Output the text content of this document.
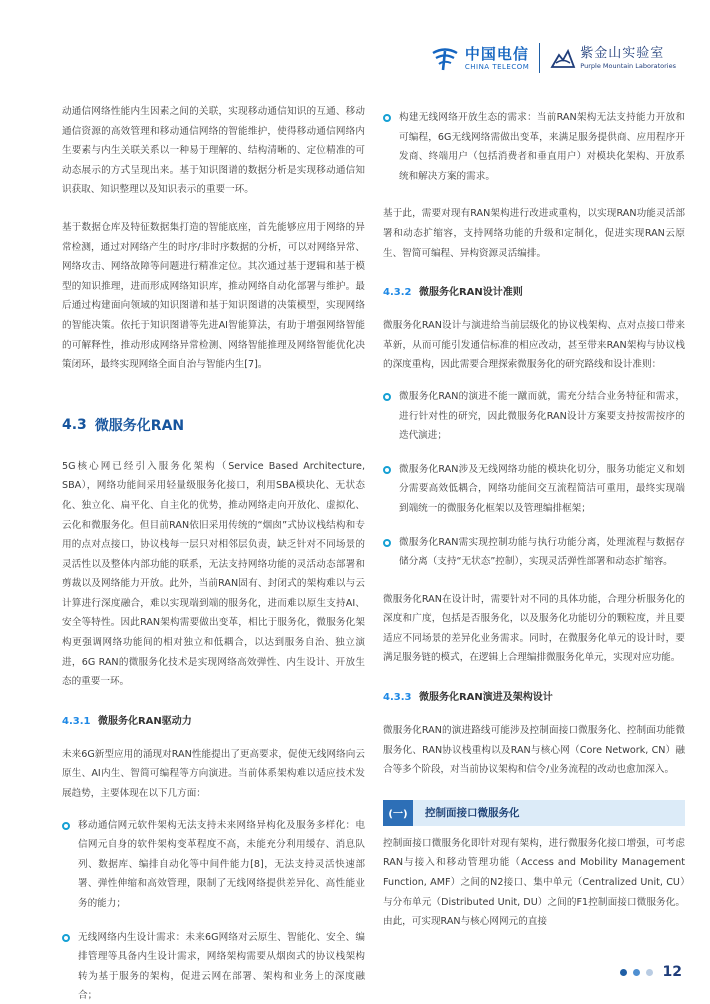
中国电信
CHINA TELECOM
紫金山实验室
Purple Mountain Laboratories

动通信网络性能内生因素之间的关联，实现移动通信知识的互通、移动通信资源的高效管理和移动通信网络的智能维护，使得移动通信网络内生要素与内生关联关系以一种易于理解的、结构清晰的、定位精准的可动态展示的方式呈现出来。基于知识图谱的数据分析是实现移动通信知识获取、知识整理以及知识表示的重要一环。

基于数据仓库及特征数据集打造的智能底座，首先能够应用于网络的异常检测，通过对网络产生的时序/非时序数据的分析，可以对网络异常、网络攻击、网络故障等问题进行精准定位。其次通过基于逻辑和基于模型的知识推理，进而形成网络知识库，推动网络自动化部署与维护。最后通过构建面向领域的知识图谱和基于知识图谱的决策模型，实现网络的智能决策。依托于知识图谱等先进AI智能算法，有助于增强网络智能的可解释性，推动形成网络异常检测、网络智能推理及网络智能优化决策闭环，最终实现网络全面自治与智能内生[7]。

4.3 微服务化RAN

5G核心网已经引入服务化架构（Service Based Architecture, SBA），网络功能间采用轻量级服务化接口，利用SBA模块化、无状态化、独立化、扁平化、自主化的优势，推动网络走向开放化、虚拟化、云化和微服务化。但目前RAN依旧采用传统的“烟囱”式协议栈结构和专用的点对点接口，协议栈每一层只对相邻层负责，缺乏针对不同场景的灵活性以及整体内部功能的联系，无法支持网络功能的灵活动态部署和剪裁以及网络能力开放。此外，当前RAN固有、封闭式的架构难以与云计算进行深度融合，难以实现端到端的服务化，进而难以原生支持AI、安全等特性。因此RAN架构需要做出变革，相比于服务化，微服务化架构更强调网络功能间的相对独立和低耦合，以达到服务自治、独立演进，6G RAN的微服务化技术是实现网络高效弹性、内生设计、开放生态的重要一环。

4.3.1 微服务化RAN驱动力

未来6G新型应用的涌现对RAN性能提出了更高要求，促使无线网络向云原生、AI内生、智简可编程等方向演进。当前体系架构难以适应技术发展趋势，主要体现在以下几方面：

移动通信网元软件架构无法支持未来网络异构化及服务多样化：电信网元自身的软件架构变革程度不高，未能充分利用缓存、消息队列、数据库、编排自动化等中间件能力[8]，无法支持灵活快速部署、弹性伸缩和高效管理，限制了无线网络提供差异化、高性能业务的能力；
无线网络内生设计需求：未来6G网络对云原生、智能化、安全、编排管理等具备内生设计需求，网络架构需要从烟囱式的协议栈架构转为基于服务的架构，促进云网在部署、架构和业务上的深度融合；
构建无线网络开放生态的需求：当前RAN架构无法支持能力开放和可编程，6G无线网络需做出变革，来满足服务提供商、应用程序开发商、终端用户（包括消费者和垂直用户）对模块化架构、开放系统和解决方案的需求。

基于此，需要对现有RAN架构进行改进或重构，以实现RAN功能灵活部署和动态扩缩容，支持网络功能的升级和定制化，促进实现RAN云原生、智简可编程、异构资源灵活编排。

4.3.2 微服务化RAN设计准则

微服务化RAN设计与演进给当前层级化的协议栈架构、点对点接口带来革新，从而可能引发通信标准的相应改动，甚至带来RAN架构与协议栈的深度重构，因此需要合理探索微服务化的研究路线和设计准则：

微服务化RAN的演进不能一蹴而就，需充分结合业务特征和需求，进行针对性的研究，因此微服务化RAN设计方案要支持按需按序的迭代演进；
微服务化RAN涉及无线网络功能的模块化切分，服务功能定义和划分需要高效低耦合，网络功能间交互流程简洁可重用，最终实现端到端统一的微服务化框架以及管理编排框架；
微服务化RAN需实现控制功能与执行功能分离，处理流程与数据存储分离（支持“无状态”控制），实现灵活弹性部署和动态扩缩容。

微服务化RAN在设计时，需要针对不同的具体功能，合理分析服务化的深度和广度，包括是否服务化，以及服务化功能切分的颗粒度，并且要适应不同场景的差异化业务需求。同时，在微服务化单元的设计时，要满足服务链的模式，在逻辑上合理编排微服务化单元，实现对应功能。

4.3.3 微服务化RAN演进及架构设计

微服务化RAN的演进路线可能涉及控制面接口微服务化、控制面功能微服务化、RAN协议栈重构以及RAN与核心网（Core Network, CN）融合等多个阶段，对当前协议架构和信令/业务流程的改动也愈加深入。

(一)	控制面接口微服务化

控制面接口微服务化即针对现有架构，进行微服务化接口增强，可考虑RAN与接入和移动管理功能（Access and Mobility Management Function, AMF）之间的N2接口、集中单元（Centralized Unit, CU）与分布单元（Distributed Unit, DU）之间的F1控制面接口微服务化。由此，可实现RAN与核心网网元的直接

12
